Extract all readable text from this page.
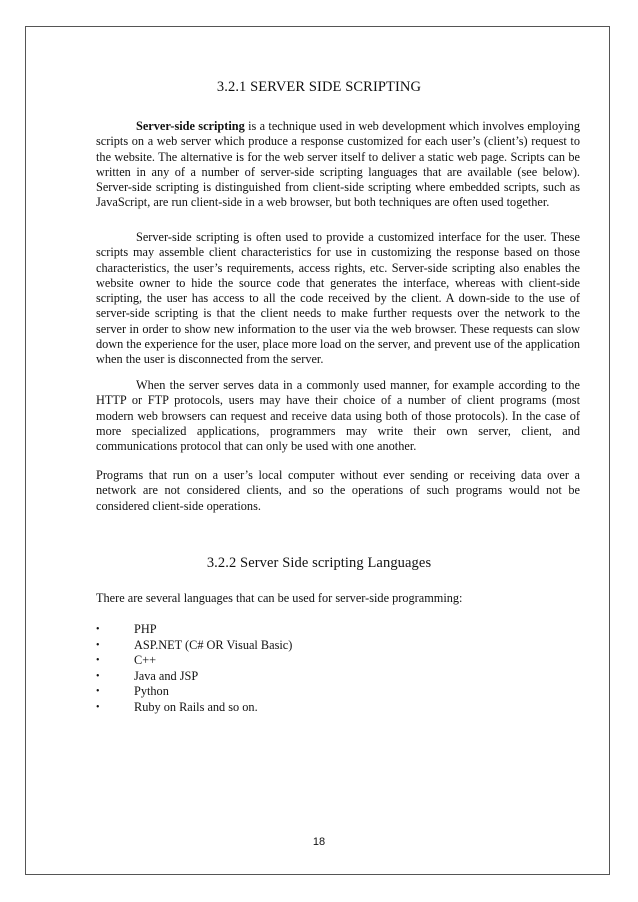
3.2.1 SERVER SIDE SCRIPTING

Server-side scripting is a technique used in web development which involves employing scripts on a web server which produce a response customized for each user’s (client’s) request to the website. The alternative is for the web server itself to deliver a static web page. Scripts can be written in any of a number of server-side scripting languages that are available (see below). Server-side scripting is distinguished from client-side scripting where embedded scripts, such as JavaScript, are run client-side in a web browser, but both techniques are often used together.

Server-side scripting is often used to provide a customized interface for the user. These scripts may assemble client characteristics for use in customizing the response based on those characteristics, the user’s requirements, access rights, etc. Server-side scripting also enables the website owner to hide the source code that generates the interface, whereas with client-side scripting, the user has access to all the code received by the client. A down-side to the use of server-side scripting is that the client needs to make further requests over the network to the server in order to show new information to the user via the web browser. These requests can slow down the experience for the user, place more load on the server, and prevent use of the application when the user is disconnected from the server.

When the server serves data in a commonly used manner, for example according to the HTTP or FTP protocols, users may have their choice of a number of client programs (most modern web browsers can request and receive data using both of those protocols). In the case of more specialized applications, programmers may write their own server, client, and communications protocol that can only be used with one another.

Programs that run on a user’s local computer without ever sending or receiving data over a network are not considered clients, and so the operations of such programs would not be considered client-side operations.

3.2.2 Server Side scripting Languages

There are several languages that can be used for server-side programming:

•	PHP
•	ASP.NET (C# OR Visual Basic)
•	C++
•	Java and JSP
•	Python
•	Ruby on Rails and so on.
18
